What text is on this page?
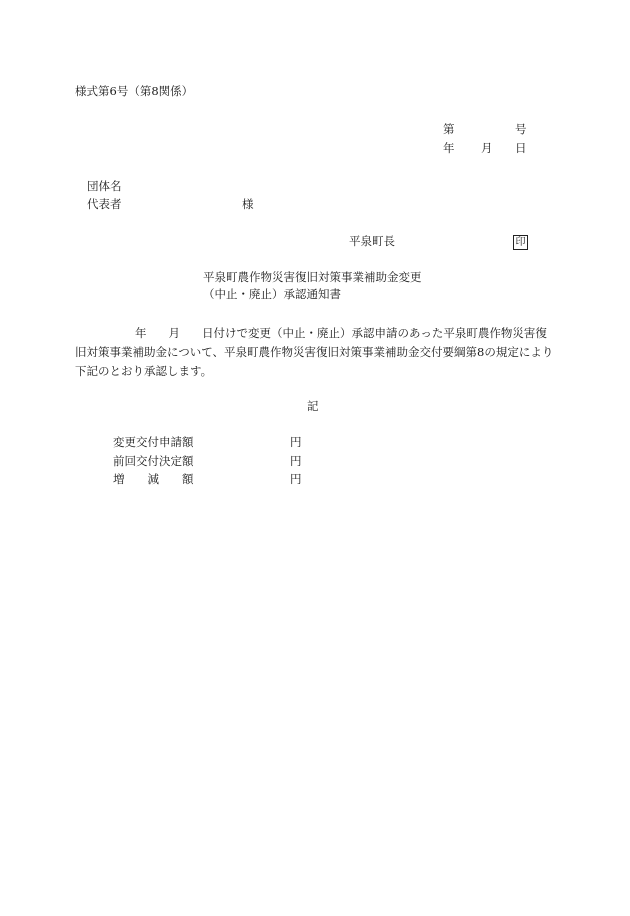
様式第6号（第8関係）
第	号
年 月 日
団体名
代表者	様
平泉町長	印
平泉町農作物災害復旧対策事業補助金変更
（中止・廃止）承認通知書
年 月 日付けで変更（中止・廃止）承認申請のあった平泉町農作物災害復旧対策事業補助金について、平泉町農作物災害復旧対策事業補助金交付要綱第8の規定により下記のとおり承認します。
記
変更交付申請額	円
前回交付決定額	円
増　　減　　額	円
